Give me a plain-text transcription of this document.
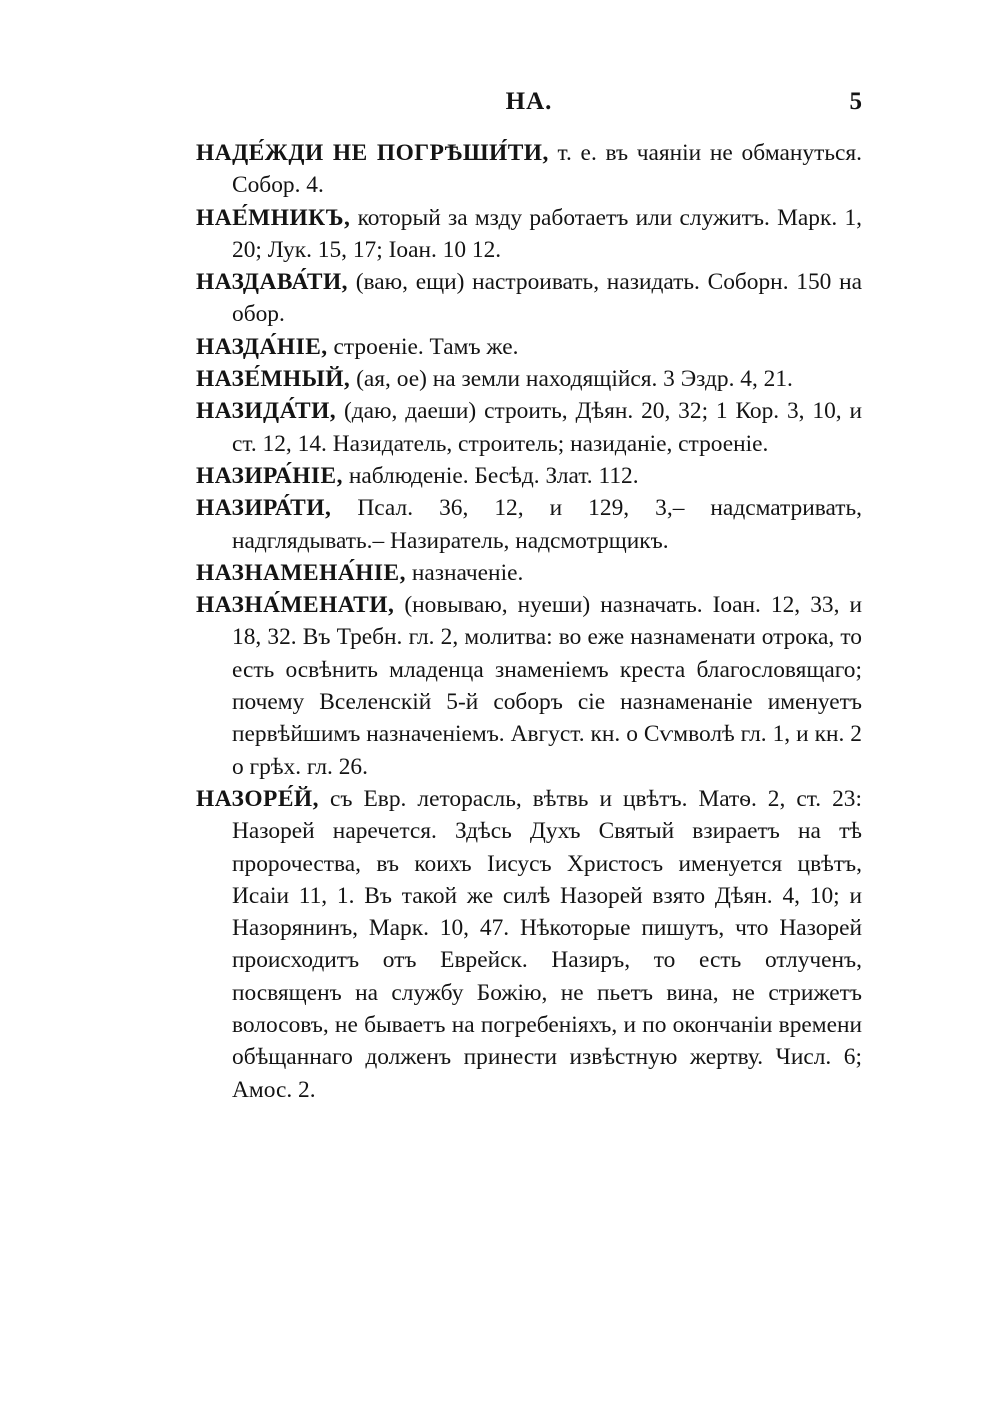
НА.	5

НАДЕ́ЖДИ НЕ ПОГРѢШИ́ТИ, т. е. въ чаяніи не обмануться. Собор. 4.

НАЕ́МНИКЪ, который за мзду работаетъ или служитъ. Марк. 1, 20; Лук. 15, 17; Іоан. 10 12.

НАЗДАВА́ТИ, (ваю, ещи) настроивать, назидать. Соборн. 150 на обор.

НАЗДА́НІЕ, строеніе. Тамъ же.

НАЗЕ́МНЫЙ, (ая, ое) на земли находящійся. 3 Эздр. 4, 21.

НАЗИДА́ТИ, (даю, даеши) строить, Дѣян. 20, 32; 1 Кор. 3, 10, и ст. 12, 14. Назидатель, строитель; назиданіе, строеніе.

НАЗИРА́НІЕ, наблюденіе. Бесѣд. Злат. 112.

НАЗИРА́ТИ, Псал. 36, 12, и 129, 3,– надсматривать, надглядывать.– Назиратель, надсмотрщикъ.

НАЗНАМЕНА́НІЕ, назначеніе.

НАЗНА́МЕНАТИ, (новываю, нуеши) назначать. Іоан. 12, 33, и 18, 32. Въ Требн. гл. 2, молитва: во еже назнаменати отрока, то есть освѣнить младенца знаменіемъ креста благословящаго; почему Вселенскій 5-й соборъ сіе назнаменаніе именуетъ первѣйшимъ назначеніемъ. Август. кн. о Сѵмволѣ гл. 1, и кн. 2 о грѣх. гл. 26.

НАЗОРЕ́Й, съ Евр. леторасль, вѣтвь и цвѣтъ. Матѳ. 2, ст. 23: Назорей наречется. Здѣсь Духъ Святый взираетъ на тѣ пророчества, въ коихъ Іисусъ Христосъ именуется цвѣтъ, Исаіи 11, 1. Въ такой же силѣ Назорей взято Дѣян. 4, 10; и Назорянинъ, Марк. 10, 47. Нѣкоторые пишутъ, что Назорей происходитъ отъ Еврейск. Назиръ, то есть отлученъ, посвященъ на службу Божію, не пьетъ вина, не стрижетъ волосовъ, не бываетъ на погребеніяхъ, и по окончаніи времени обѣщаннаго долженъ принести извѣстную жертву. Числ. 6; Амос. 2.
